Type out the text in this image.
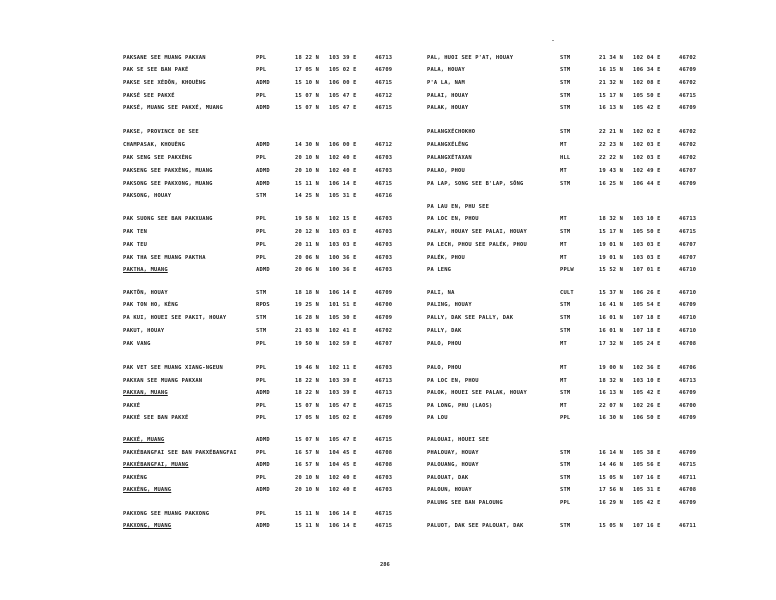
PAKSANE SEE MUANG PAKXAN	PPL	18 22 N 103 39 E	46713
PAK SE SEE BAN PAKÉ	PPL	17 05 N 105 02 E	46709
PAKSE SEE XÉDÔN, KHOUÈNG	ADMD	15 10 N 106 00 E	46715
PAKSÉ SEE PAKXÉ	PPL	15 07 N 105 47 E	46712
PAKSÉ, MUANG SEE PAKXÉ, MUANG	ADMD	15 07 N 105 47 E	46715
PAKSE, PROVINCE DE SEE
CHAMPASAK, KHOUÈNG	ADMD	14 30 N 106 00 E	46712
PAK SENG SEE PAKXÈNG	PPL	20 10 N 102 40 E	46703
PAKSENG SEE PAKXÈNG, MUANG	ADMD	20 10 N 102 40 E	46703
PAKSONG SEE PAKXONG, MUANG	ADMD	15 11 N 106 14 E	46715
PAKSONG, HOUAY	STM	14 25 N 105 31 E	46716
PAK SUONG SEE BAN PAKXUANG	PPL	19 58 N 102 15 E	46703
PAK TEN	PPL	20 12 N 103 03 E	46703
PAK TEU	PPL	20 11 N 103 03 E	46703
PAK THA SEE MUANG PAKTHA	PPL	20 06 N 100 36 E	46703
PAKTHA, MUANG	ADMD	20 06 N 100 36 E	46703
PAKTÔN, HOUAY	STM	18 18 N 106 14 E	46709
PAK TON HO, KÈNG	RPDS	19 25 N 101 51 E	46700
PA KUI, HOUEI SEE PAKIT, HOUAY	STM	16 28 N 105 30 E	46709
PAKUT, HOUAY	STM	21 03 N 102 41 E	46702
PAK VANG	PPL	19 50 N 102 59 E	46707
PAK VET SEE MUANG XIANG-NGEUN	PPL	19 46 N 102 11 E	46703
PAKXAN SEE MUANG PAKXAN	PPL	18 22 N 103 39 E	46713
PAKXAN, MUANG	ADMD	18 22 N 103 39 E	46713
PAKXÉ	PPL	15 07 N 105 47 E	46715
PAKXÉ SEE BAN PAKXÉ	PPL	17 05 N 105 02 E	46709
PAKXÉ, MUANG	ADMD	15 07 N 105 47 E	46715
PAKXÉBANGFAI SEE BAN PAKXÉBANGFAI	PPL	16 57 N 104 45 E	46708
PAKXÉBANGFAI, MUANG	ADMD	16 57 N 104 45 E	46708
PAKXÈNG	PPL	20 10 N 102 40 E	46703
PAKXÈNG, MUANG	ADMD	20 10 N 102 40 E	46703
PAKXONG SEE MUANG PAKXONG	PPL	15 11 N 106 14 E	46715
PAKXONG, MUANG	ADMD	15 11 N 106 14 E	46715
PAL, HUOI SEE P'AT, HOUAY	STM	21 34 N 102 04 E	46702
PALA, HOUAY	STM	16 15 N 106 34 E	46709
P'A LA, NAM	STM	21 32 N 102 08 E	46702
PALAI, HOUAY	STM	15 17 N 105 50 E	46715
PALAK, HOUAY	STM	16 13 N 105 42 E	46709
PALANGXÉCHOKHO	STM	22 21 N 102 02 E	46702
PALANGXÉLÊNG	MT	22 23 N 102 03 E	46702
PALANGXÉTAXAN	HLL	22 22 N 102 03 E	46702
PALAO, PHOU	MT	19 43 N 102 49 E	46707
PA LAP, SONG SEE B'LAP, SÔNG	STM	16 25 N 106 44 E	46709
PA LAU EN, PHU SEE
PA LOC EN, PHOU	MT	18 32 N 103 10 E	46713
PALAY, HOUAY SEE PALAI, HOUAY	STM	15 17 N 105 50 E	46715
PA LECH, PHOU SEE PALÉK, PHOU	MT	19 01 N 103 03 E	46707
PALÉK, PHOU	MT	19 01 N 103 03 E	46707
PA LENG	PPLW	15 52 N 107 01 E	46710
PALI, NA	CULT	15 37 N 106 26 E	46710
PALING, HOUAY	STM	16 41 N 105 54 E	46709
PALLY, DAK SEE PALLY, DAK	STM	16 01 N 107 18 E	46710
PALLY, DAK	STM	16 01 N 107 18 E	46710
PALO, PHOU	MT	17 32 N 105 24 E	46708
PALO, PHOU	MT	19 00 N 102 36 E	46706
PA LOC EN, PHOU	MT	18 32 N 103 10 E	46713
PALOK, HOUEI SEE PALAK, HOUAY	STM	16 13 N 105 42 E	46709
PA LONG, PHU (LAOS)	MT	22 07 N 102 26 E	46700
PA LOU	PPL	16 30 N 106 50 E	46709
PALOUAI, HOUEI SEE
PHALOUAY, HOUAY	STM	16 14 N 105 38 E	46709
PALOUANG, HOUAY	STM	14 46 N 105 56 E	46715
PALOUAT, DAK	STM	15 05 N 107 16 E	46711
PALOUN, HOUAY	STM	17 56 N 105 31 E	46708
PALUNG SEE BAN PALOUNG	PPL	16 29 N 105 42 E	46709
PALUOT, DAK SEE PALOUAT, DAK	STM	15 05 N 107 16 E	46711
286
